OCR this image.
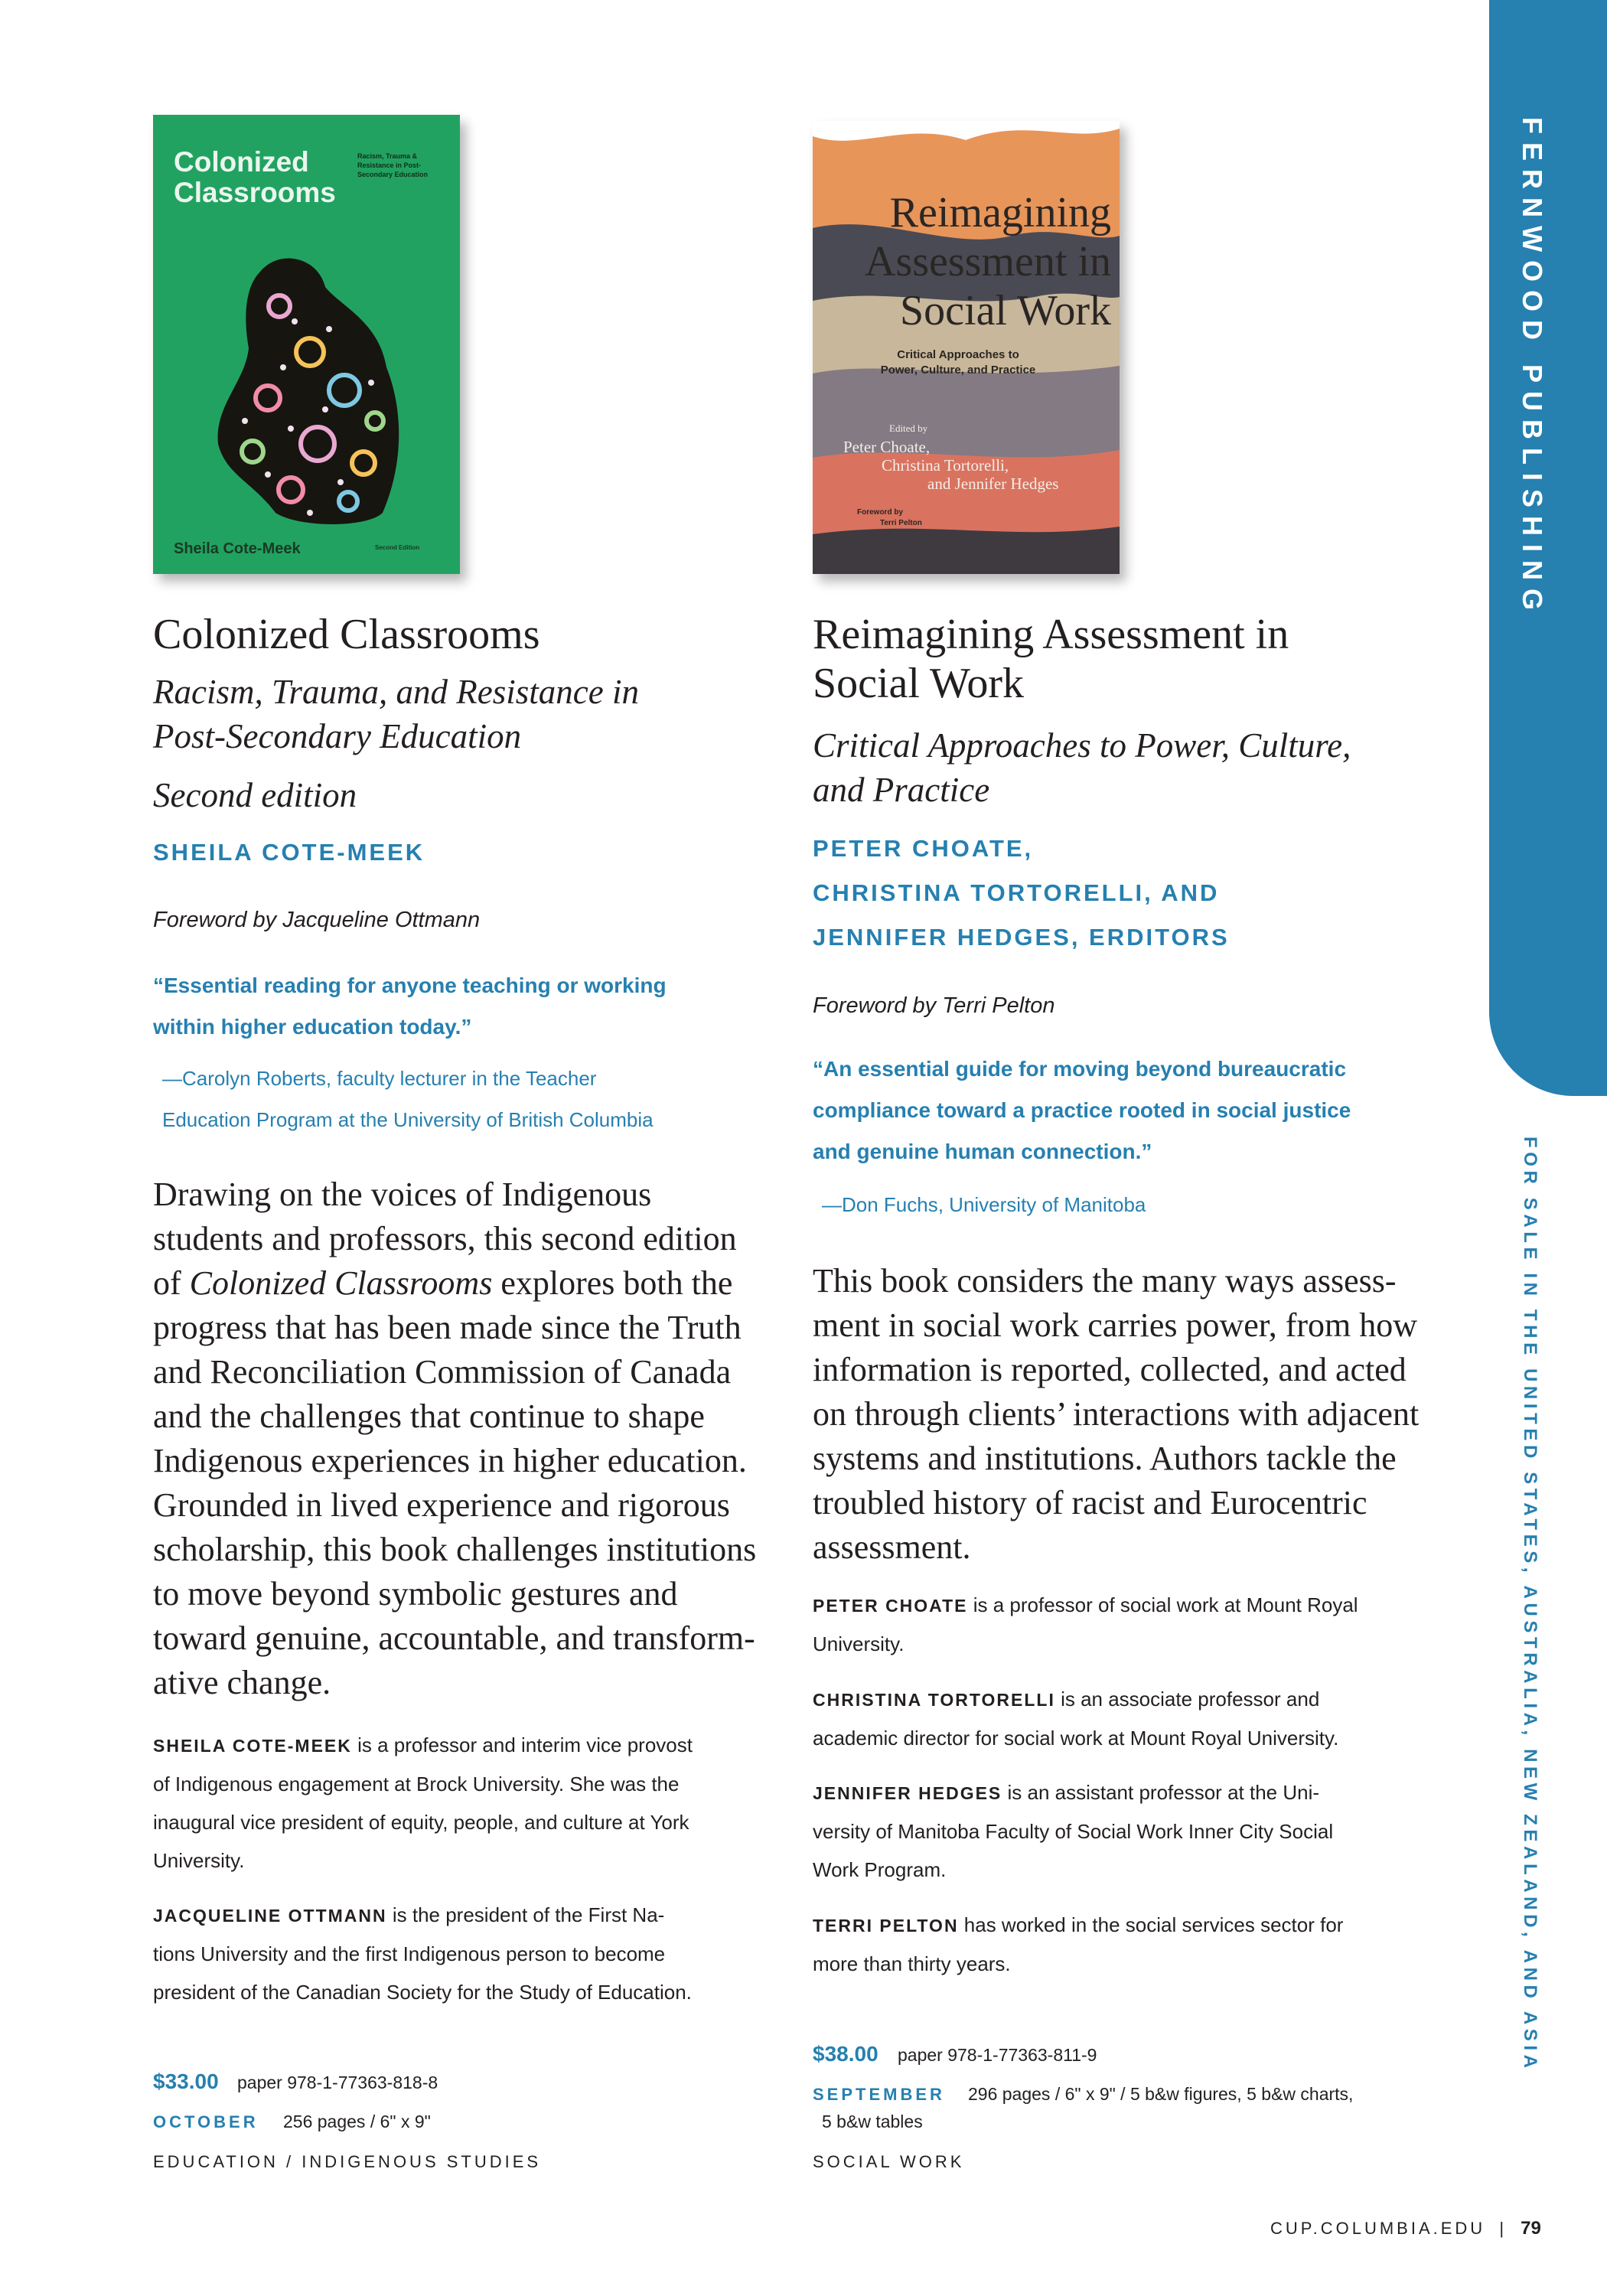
FERNWOOD PUBLISHING
FOR SALE IN THE UNITED STATES, AUSTRALIA, NEW ZEALAND, AND ASIA
Colonized
Classrooms
Racism, Trauma & Resistance in Post-Secondary Education
Sheila Cote-Meek	Second Edition
Colonized Classrooms
Racism, Trauma, and Resistance in
Post-Secondary Education
Second edition
SHEILA COTE-MEEK
Foreword by Jacqueline Ottmann
“Essential reading for anyone teaching or working
within higher education today.”
—Carolyn Roberts, faculty lecturer in the Teacher
Education Program at the University of British Columbia
Drawing on the voices of Indigenous
students and professors, this second edition
of Colonized Classrooms explores both the
progress that has been made since the Truth
and Reconciliation Commission of Canada
and the challenges that continue to shape
Indigenous experiences in higher education.
Grounded in lived experience and rigorous
scholarship, this book challenges institutions
to move beyond symbolic gestures and
toward genuine, accountable, and transform-
ative change.
SHEILA COTE-MEEK is a professor and interim vice provost
of Indigenous engagement at Brock University. She was the
inaugural vice president of equity, people, and culture at York
University.
JACQUELINE OTTMANN is the president of the First Na-
tions University and the first Indigenous person to become
president of the Canadian Society for the Study of Education.
$33.00 paper 978-1-77363-818-8
OCTOBER 256 pages / 6" x 9"
EDUCATION / INDIGENOUS STUDIES
Reimagining
Assessment in
Social Work
Critical Approaches to
Power, Culture, and Practice
Edited by
Peter Choate,
Christina Tortorelli,
and Jennifer Hedges
Foreword by
Terri Pelton
Reimagining Assessment in
Social Work
Critical Approaches to Power, Culture,
and Practice
PETER CHOATE,
CHRISTINA TORTORELLI, AND
JENNIFER HEDGES, ERDITORS
Foreword by Terri Pelton
“An essential guide for moving beyond bureaucratic
compliance toward a practice rooted in social justice
and genuine human connection.”
—Don Fuchs, University of Manitoba
This book considers the many ways assess-
ment in social work carries power, from how
information is reported, collected, and acted
on through clients’ interactions with adjacent
systems and institutions. Authors tackle the
troubled history of racist and Eurocentric
assessment.
PETER CHOATE is a professor of social work at Mount Royal
University.
CHRISTINA TORTORELLI is an associate professor and
academic director for social work at Mount Royal University.
JENNIFER HEDGES is an assistant professor at the Uni-
versity of Manitoba Faculty of Social Work Inner City Social
Work Program.
TERRI PELTON has worked in the social services sector for
more than thirty years.
$38.00 paper 978-1-77363-811-9
SEPTEMBER 296 pages / 6" x 9" / 5 b&w figures, 5 b&w charts,
5 b&w tables
SOCIAL WORK
CUP.COLUMBIA.EDU | 79
